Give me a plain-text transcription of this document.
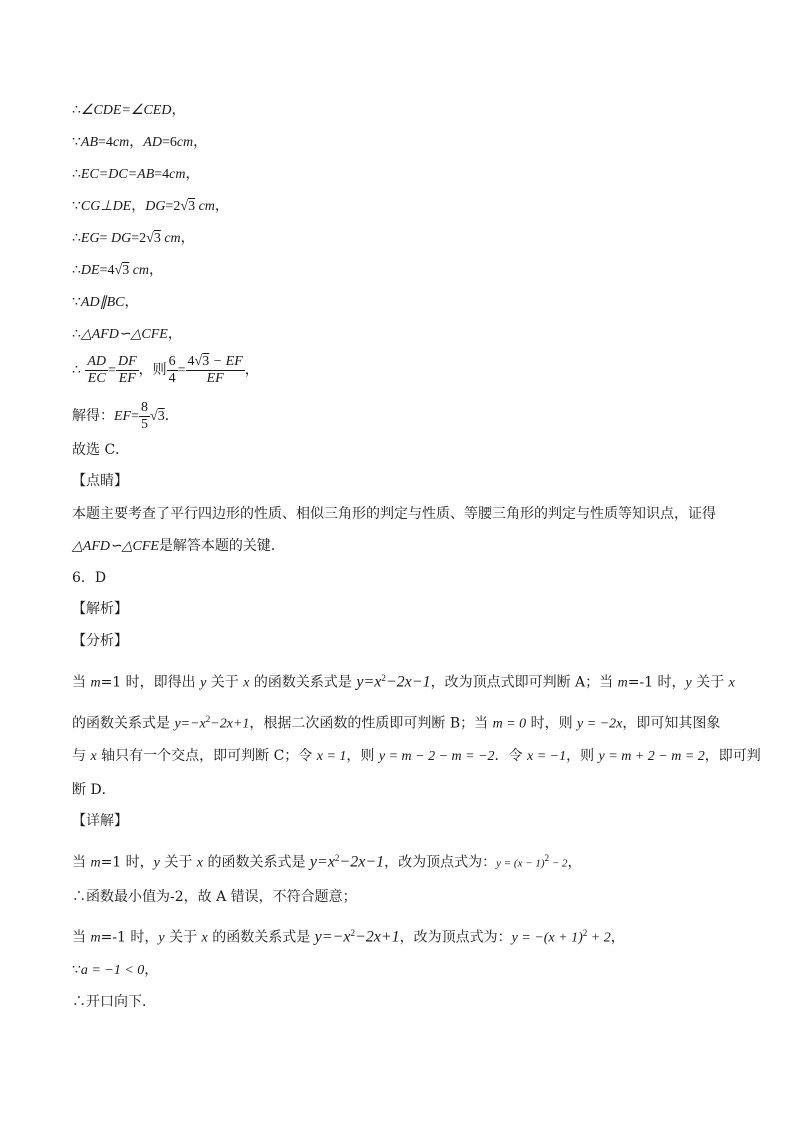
∴∠CDE=∠CED，
∵AB=4cm，AD=6cm，
∴EC=DC=AB=4cm，
∵CG⊥DE，DG=2√3 cm，
∴EG= DG=2√3 cm，
∴DE=4√3 cm，
∵AD∥BC，
∴△AFD∽△CFE，
∴ $\frac{AD}{EC} = \frac{DF}{EF}$ ，则 $\frac{6}{4} = \frac{4√3 - EF}{EF}$ ，
解得：$EF= \frac{8}{5} √3$．
故选 C．
【点睛】
本题主要考查了平行四边形的性质、相似三角形的判定与性质、等腰三角形的判定与性质等知识点，证得
△AFD∽△CFE是解答本题的关键．
6．D
【解析】
【分析】
当 m=1 时，即得出 y 关于 x 的函数关系式是 $y=x^2-2x-1$，改为顶点式即可判断 A；当 m=-1 时，y 关于 x
的函数关系式是 $y=-x^2-2x+1$，根据二次函数的性质即可判断 B；当 m = 0 时，则 y = −2x，即可知其图象
与 x 轴只有一个交点，即可判断 C；令 x = 1，则 y = m − 2 − m = −2．令 x = −1，则 y = m + 2 − m = 2，即可判
断 D．
【详解】
当 m=1 时，y 关于 x 的函数关系式是 $y=x^2-2x-1$，改为顶点式为：$y = (x - 1)^2 - 2$，
∴函数最小值为-2，故 A 错误，不符合题意；
当 m=-1 时，y 关于 x 的函数关系式是 $y=-x^2-2x+1$，改为顶点式为：$y = -(x + 1)^2 + 2$，
∵a = −1 < 0，
∴开口向下．
